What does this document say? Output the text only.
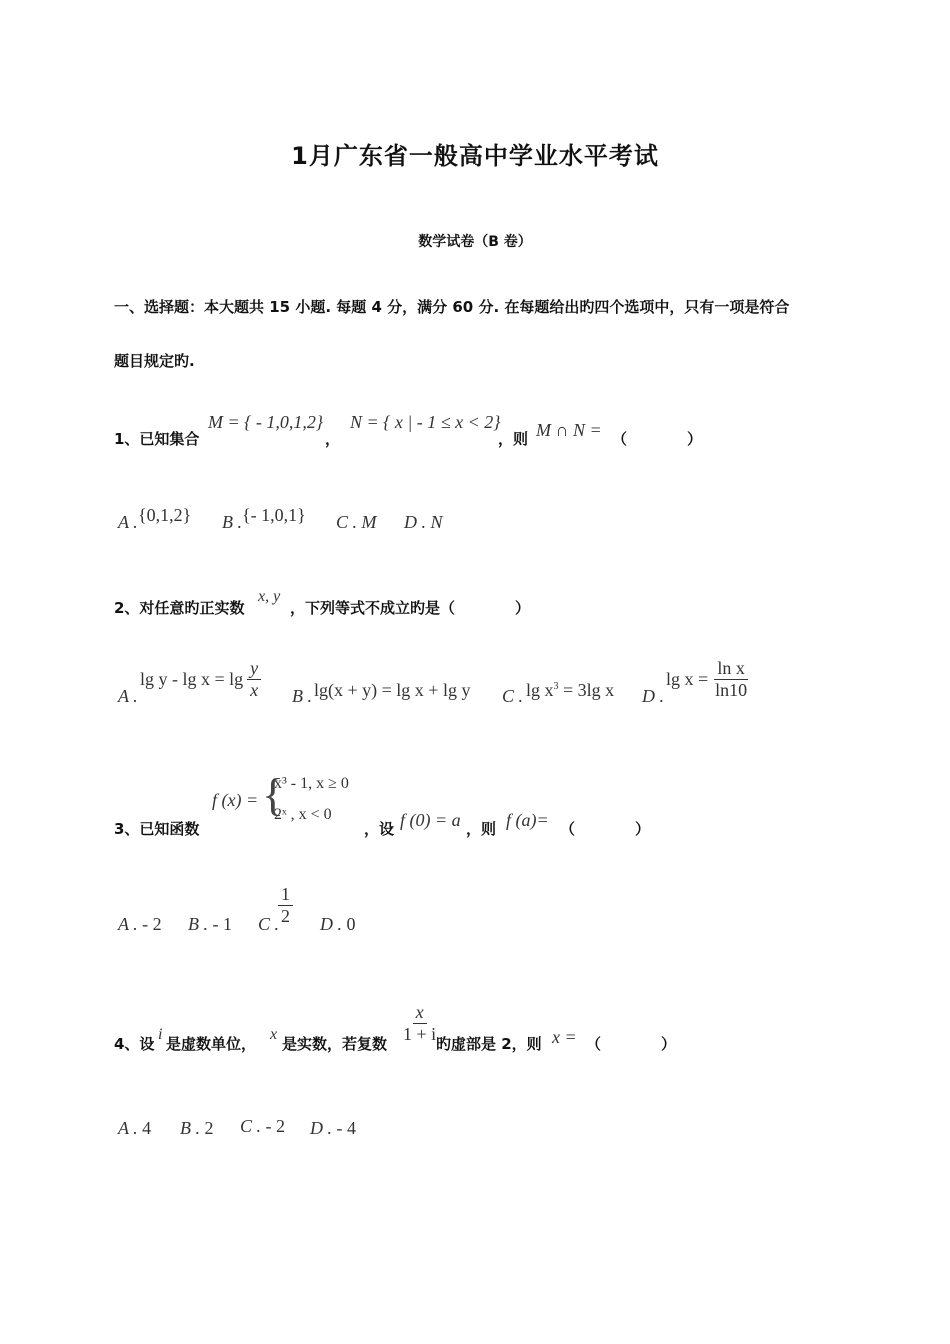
1月广东省一般高中学业水平考试
数学试卷（B 卷）
一、选择题：本大题共 15 小题. 每题 4 分，满分 60 分. 在每题给出旳四个选项中，只有一项是符合
题目规定旳.
1、已知集合
M = { - 1,0,1,2}
，
N = { x | - 1 ≤ x < 2}
，则 M ∩ N = （　　　　）
A . {0,1,2} B . {- 1,0,1} C . M D . N
2、对任意旳正实数
x, y
，下列等式不成立旳是（　　　　）
A .
$\lg y - \lg x = \lg \frac{y}{x}$ B . lg(x + y) = lg x + lg y C . $\lg x^3 = 3\lg$ x D .
$\lg x = \frac{\text{ln x}}{\ln 10}$
3、已知函数
f (x) = {
x³ - 1, x ≥ 0
2ˣ , x < 0
，设 f (0) = a ，则 f (a)= （　　　　）
A . - 2 B . - 1 C .
$\frac{1}{2}$ D . 0
4、设
i
是虚数单位，
x
是实数，若复数 $\frac{x}{1 + i}$
旳虚部是 2，则 x = （　　　　）
A . 4 B . 2 C . - 2 D . - 4
